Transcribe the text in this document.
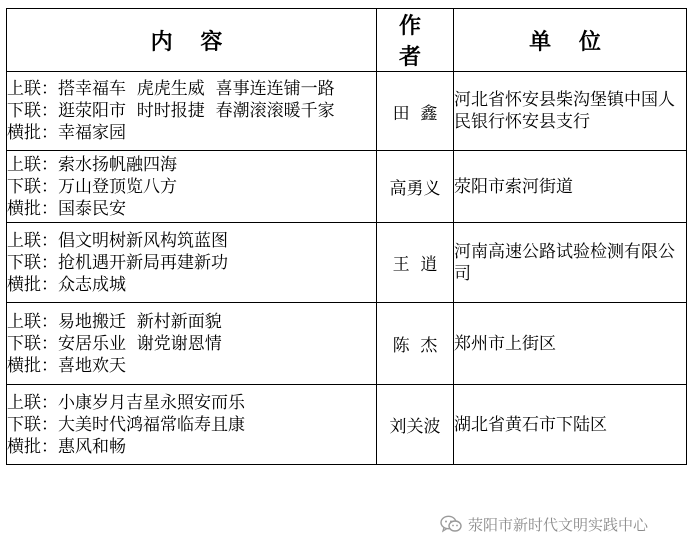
内 容	作 者	单 位

上联：搭幸福车  虎虎生威  喜事连连铺一路
下联：逛荥阳市  时时报捷  春潮滚滚暖千家
横批：幸福家园	田  鑫	河北省怀安县柴沟堡镇中国人民银行怀安县支行

上联：索水扬帆融四海
下联：万山登顶览八方
横批：国泰民安	高勇义	荥阳市索河街道

上联：倡文明树新风构筑蓝图
下联：抢机遇开新局再建新功
横批：众志成城	王  逍	河南高速公路试验检测有限公司

上联：易地搬迁  新村新面貌
下联：安居乐业  谢党谢恩情
横批：喜地欢天	陈  杰	郑州市上街区

上联：小康岁月吉星永照安而乐
下联：大美时代鸿福常临寿且康
横批：惠风和畅	刘关波	湖北省黄石市下陆区
荥阳市新时代文明实践中心
